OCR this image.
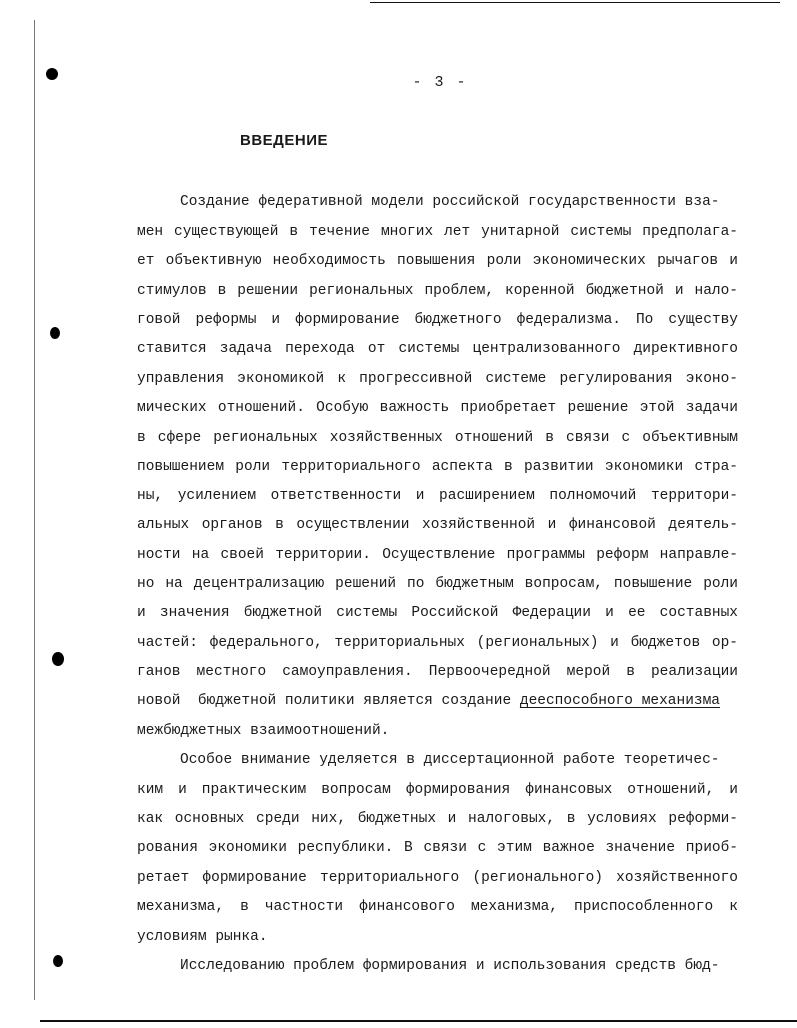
- 3 -
ВВЕДЕНИЕ
Создание федеративной модели российской государственности вза-
мен существующей в течение многих лет унитарной системы предполага-
ет объективную необходимость повышения роли экономических рычагов и
стимулов в решении региональных проблем, коренной бюджетной и нало-
говой реформы и формирование бюджетного федерализма. По существу
ставится задача перехода от системы централизованного директивного
управления экономикой к прогрессивной системе регулирования эконо-
мических отношений. Особую важность приобретает решение этой задачи
в сфере региональных хозяйственных отношений в связи с объективным
повышением роли территориального аспекта в развитии экономики стра-
ны, усилением ответственности и расширением полномочий территори-
альных органов в осуществлении хозяйственной и финансовой деятель-
ности на своей территории. Осуществление программы реформ направле-
но на децентрализацию решений по бюджетным вопросам, повышение роли
и значения бюджетной системы Российской Федерации и ее составных
частей: федерального, территориальных (региональных) и бюджетов ор-
ганов местного самоуправления. Первоочередной мерой в реализации
новой  бюджетной политики является создание дееспособного механизма
межбюджетных взаимоотношений.
Особое внимание уделяется в диссертационной работе теоретичес-
ким и практическим вопросам формирования финансовых отношений, и
как основных среди них, бюджетных и налоговых, в условиях реформи-
рования экономики республики. В связи с этим важное значение приоб-
ретает формирование территориального (регионального) хозяйственного
механизма, в частности финансового механизма, приспособленного к
условиям рынка.
Исследованию проблем формирования и использования средств бюд-
